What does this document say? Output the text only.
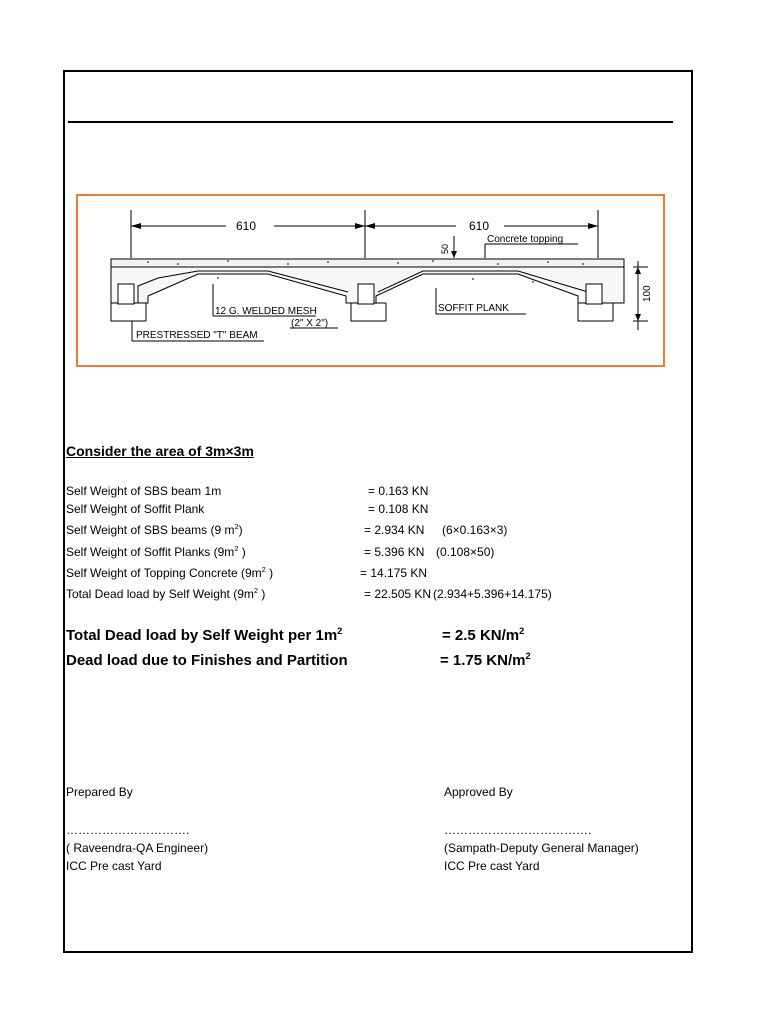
610	610
50
Concrete topping
100
12 G. WELDED MESH
(2" X 2")
SOFFIT PLANK
PRESTRESSED "T" BEAM
Consider the area of 3m×3m
Self Weight of SBS beam 1m	= 0.163 KN
Self Weight of Soffit Plank	= 0.108 KN
Self Weight of SBS beams (9 $m^2$)	= 2.934 KN (6×0.163×3)
Self Weight of Soffit Planks ($9m^2$ )	= 5.396 KN (0.108×50)
Self Weight of Topping Concrete ($9m^2$ )	= 14.175 KN
Total Dead load by Self Weight ($9m^2$ )	= 22.505 KN (2.934+5.396+14.175)
Total Dead load by Self Weight per $1m^2$	= 2.5 $KN/m^2$
Dead load due to Finishes and Partition	= 1.75 $KN/m^2$
Prepared By
………………………….
( Raveendra-QA Engineer)
ICC Pre cast Yard
Approved By
……………………………….
(Sampath-Deputy General Manager)
ICC Pre cast Yard
